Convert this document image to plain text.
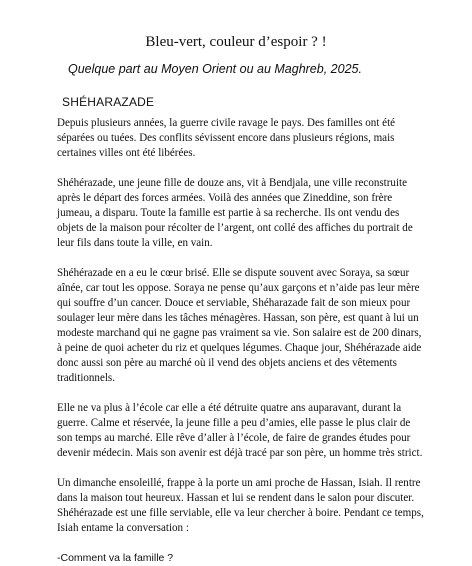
Bleu-vert, couleur d’espoir ? !
Quelque part au Moyen Orient ou au Maghreb, 2025.
SHÉHARAZADE

Depuis plusieurs années, la guerre civile ravage le pays. Des familles ont été
séparées ou tuées. Des conflits sévissent encore dans plusieurs régions, mais
certaines villes ont été libérées.

Shéhérazade, une jeune fille de douze ans, vit à Bendjala, une ville reconstruite
après le départ des forces armées. Voilà des années que Zineddine, son frère
jumeau, a disparu. Toute la famille est partie à sa recherche. Ils ont vendu des
objets de la maison pour récolter de l’argent, ont collé des affiches du portrait de
leur fils dans toute la ville, en vain.

Shéhérazade en a eu le cœur brisé. Elle se dispute souvent avec Soraya, sa sœur
aînée, car tout les oppose. Soraya ne pense qu’aux garçons et n’aide pas leur mère
qui souffre d’un cancer. Douce et serviable, Shéharazade fait de son mieux pour
soulager leur mère dans les tâches ménagères. Hassan, son père, est quant à lui un
modeste marchand qui ne gagne pas vraiment sa vie. Son salaire est de 200 dinars,
à peine de quoi acheter du riz et quelques légumes. Chaque jour, Shéhérazade aide
donc aussi son père au marché où il vend des objets anciens et des vêtements
traditionnels.

Elle ne va plus à l’école car elle a été détruite quatre ans auparavant, durant la
guerre. Calme et réservée, la jeune fille a peu d’amies, elle passe le plus clair de
son temps au marché. Elle rêve d’aller à l’école, de faire de grandes études pour
devenir médecin. Mais son avenir est déjà tracé par son père, un homme très strict.

Un dimanche ensoleillé, frappe à la porte un ami proche de Hassan, Isiah. Il rentre
dans la maison tout heureux. Hassan et lui se rendent dans le salon pour discuter.
Shéhérazade est une fille serviable, elle va leur chercher à boire. Pendant ce temps,
Isiah entame la conversation :

-Comment va la famille ?
